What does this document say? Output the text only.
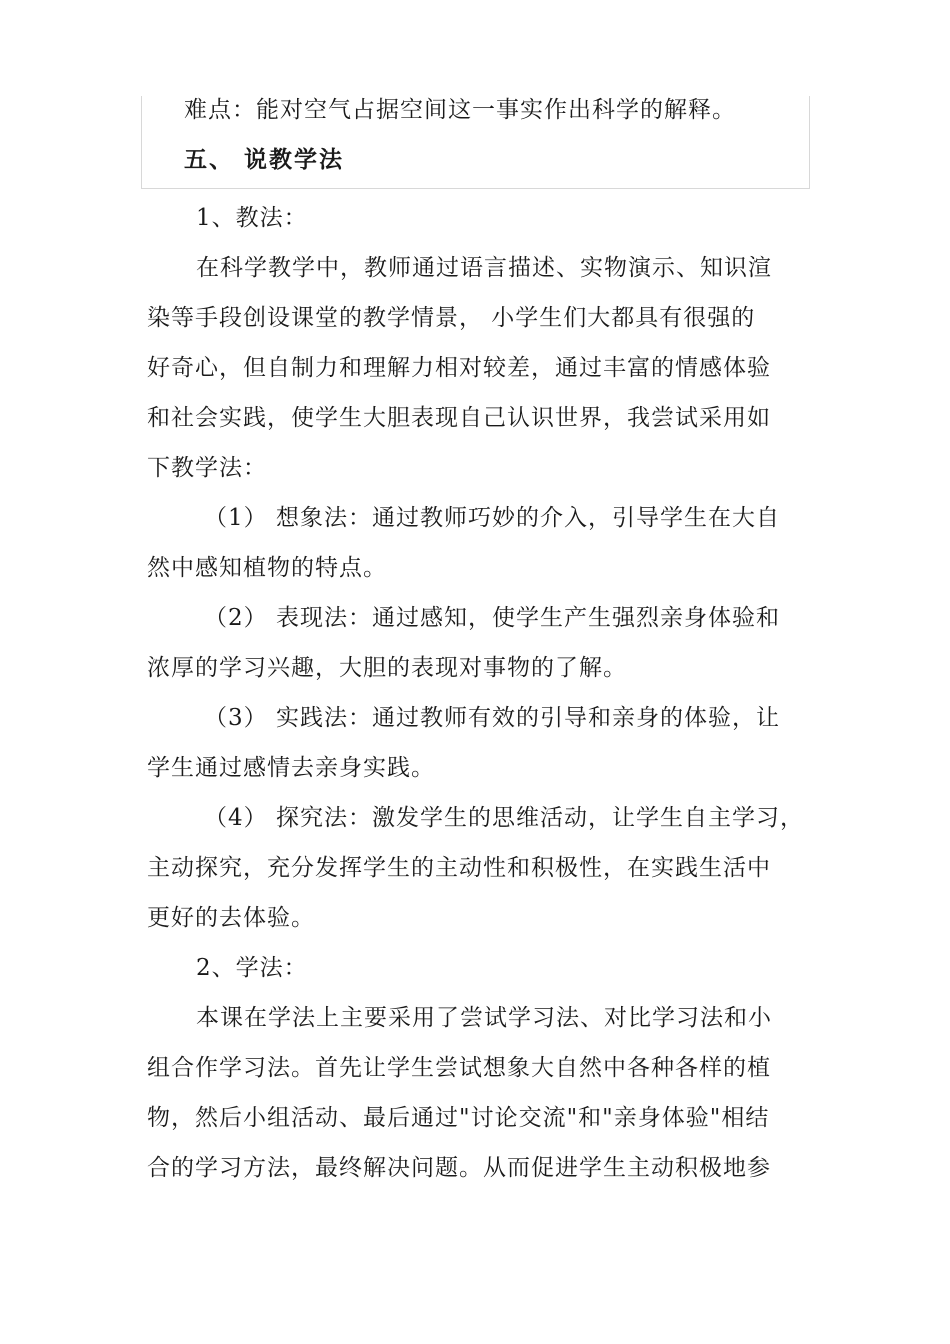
难点：能对空气占据空间这一事实作出科学的解释。
五、 说教学法
1、教法：
在科学教学中，教师通过语言描述、实物演示、知识渲
染等手段创设课堂的教学情景， 小学生们大都具有很强的
好奇心，但自制力和理解力相对较差，通过丰富的情感体验
和社会实践，使学生大胆表现自己认识世界，我尝试采用如
下教学法：
（1） 想象法：通过教师巧妙的介入，引导学生在大自
然中感知植物的特点。
（2） 表现法：通过感知，使学生产生强烈亲身体验和
浓厚的学习兴趣，大胆的表现对事物的了解。
（3） 实践法：通过教师有效的引导和亲身的体验，让
学生通过感情去亲身实践。
（4） 探究法：激发学生的思维活动，让学生自主学习，
主动探究，充分发挥学生的主动性和积极性，在实践生活中
更好的去体验。
2、学法：
本课在学法上主要采用了尝试学习法、对比学习法和小
组合作学习法。首先让学生尝试想象大自然中各种各样的植
物，然后小组活动、最后通过"讨论交流"和"亲身体验"相结
合的学习方法，最终解决问题。从而促进学生主动积极地参
